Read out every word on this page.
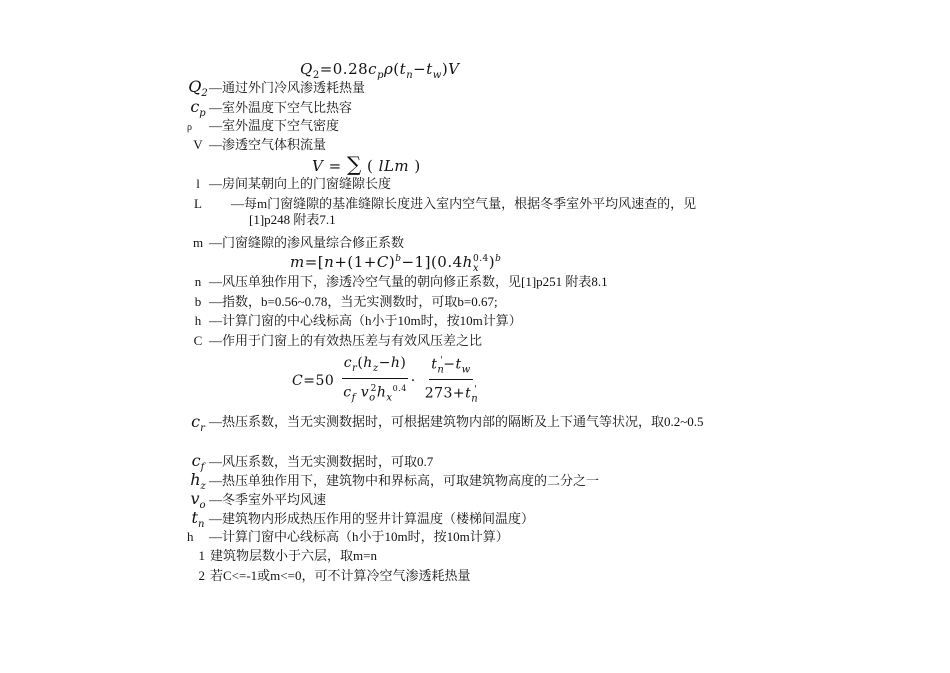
$Q_2=0.28c_p\rho(t_n-t_w)V$
$Q_2—$通过外门冷风渗透耗热量
$c_p$ —室外温度下空气比热容
ρ —室外温度下空气密度
V —渗透空气体积流量
V = ∑ ( lLm )
l —房间某朝向上的门窗缝隙长度
L —每m门窗缝隙的基准缝隙长度进入室内空气量，根据冬季室外平均风速查的，见[1]p248 附表7.1
m —门窗缝隙的渗风量综合修正系数
$m=[n+(1+C)^b-1](0.4h_x^{0.4})^b$
n —风压单独作用下，渗透冷空气量的朝向修正系数，见[1]p251 附表8.1
b —指数，b=0.56~0.78，当无实测数时，可取b=0.67;
h —计算门窗的中心线标高（h小于10m时，按10m计算）
C —作用于门窗上的有效热压差与有效风压差之比
$C=50 \frac{c_r(h_z-h)}{c_f v_o^2h_x^{0.4}} \cdot \frac{t_n'-t_w}{273+t_n'}$
$c_r$ —热压系数，当无实测数据时，可根据建筑物内部的隔断及上下通气等状况，取0.2~0.5
$c_f$ —风压系数，当无实测数据时，可取0.7
$h_z$ —热压单独作用下，建筑物中和界标高，可取建筑物高度的二分之一
$v_o$ —冬季室外平均风速
$t_n$ —建筑物内形成热压作用的竖井计算温度（楼梯间温度）
h —计算门窗中心线标高（h小于10m时，按10m计算）
1 建筑物层数小于六层，取m=n
2 若C<=-1或m<=0，可不计算冷空气渗透耗热量
